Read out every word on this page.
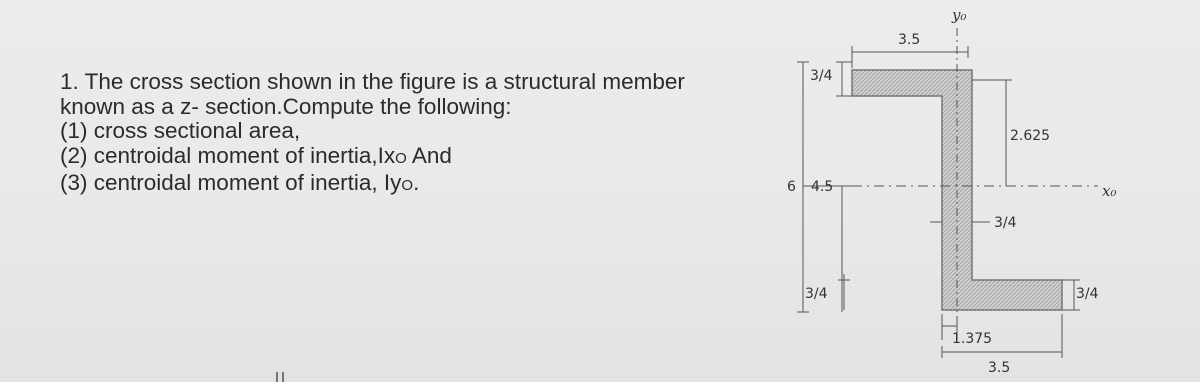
1. The cross section shown in the figure is a structural member
known as a z- section.Compute the following:
(1) cross sectional area,
(2) centroidal moment of inertia,IxO And
(3) centroidal moment of inertia, IyO.
y₀
x₀
3.5
6
3/4
4.5
3/4
2.625
3/4
3/4
1.375
3.5
